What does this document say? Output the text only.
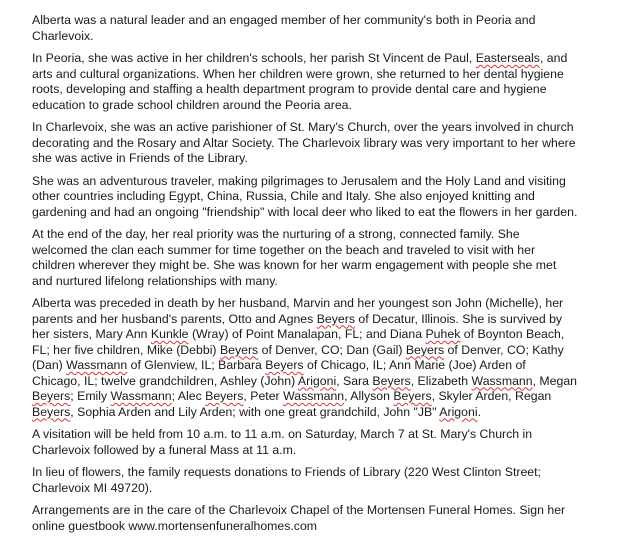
Alberta was a natural leader and an engaged member of her community's both in Peoria and
Charlevoix.

In Peoria, she was active in her children's schools, her parish St Vincent de Paul, Easterseals, and
arts and cultural organizations. When her children were grown, she returned to her dental hygiene
roots, developing and staffing a health department program to provide dental care and hygiene
education to grade school children around the Peoria area.

In Charlevoix, she was an active parishioner of St. Mary's Church, over the years involved in church
decorating and the Rosary and Altar Society. The Charlevoix library was very important to her where
she was active in Friends of the Library.

She was an adventurous traveler, making pilgrimages to Jerusalem and the Holy Land and visiting
other countries including Egypt, China, Russia, Chile and Italy. She also enjoyed knitting and
gardening and had an ongoing "friendship" with local deer who liked to eat the flowers in her garden.

At the end of the day, her real priority was the nurturing of a strong, connected family. She
welcomed the clan each summer for time together on the beach and traveled to visit with her
children wherever they might be. She was known for her warm engagement with people she met
and nurtured lifelong relationships with many.

Alberta was preceded in death by her husband, Marvin and her youngest son John (Michelle), her
parents and her husband's parents, Otto and Agnes Beyers of Decatur, Illinois. She is survived by
her sisters, Mary Ann Kunkle (Wray) of Point Manalapan, FL; and Diana Puhek of Boynton Beach,
FL; her five children, Mike (Debbi) Beyers of Denver, CO; Dan (Gail) Beyers of Denver, CO; Kathy
(Dan) Wassmann of Glenview, IL; Barbara Beyers of Chicago, IL; Ann Marie (Joe) Arden of
Chicago, IL; twelve grandchildren, Ashley (John) Arigoni, Sara Beyers, Elizabeth Wassmann, Megan
Beyers; Emily Wassmann; Alec Beyers, Peter Wassmann, Allyson Beyers, Skyler Arden, Regan
Beyers, Sophia Arden and Lily Arden; with one great grandchild, John "JB" Arigoni.

A visitation will be held from 10 a.m. to 11 a.m. on Saturday, March 7 at St. Mary's Church in
Charlevoix followed by a funeral Mass at 11 a.m.

In lieu of flowers, the family requests donations to Friends of Library (220 West Clinton Street;
Charlevoix MI 49720).

Arrangements are in the care of the Charlevoix Chapel of the Mortensen Funeral Homes. Sign her
online guestbook www.mortensenfuneralhomes.com
